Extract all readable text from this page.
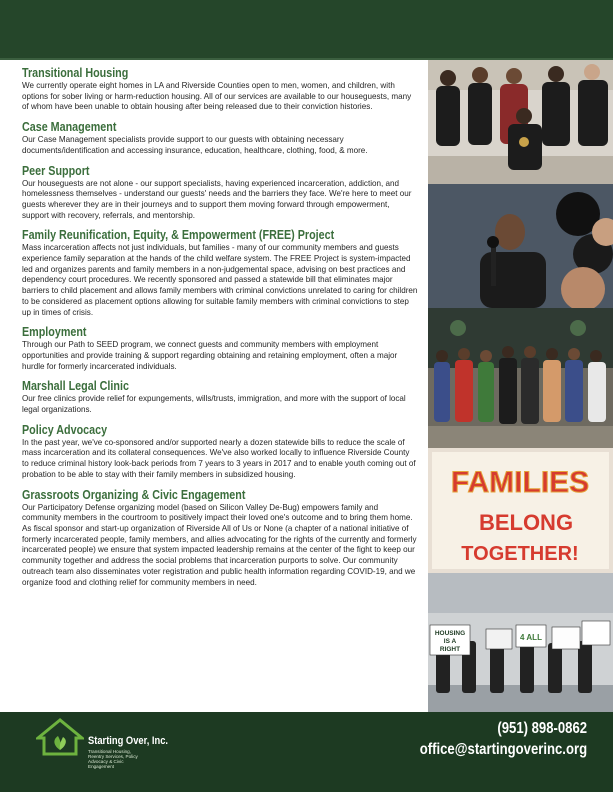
Transitional Housing

We currently operate eight homes in LA and Riverside Counties open to men, women, and children, with options for sober living or harm-reduction housing. All of our services are available to our houseguests, many of whom have been unable to obtain housing after being released due to their conviction histories.

Case Management

Our Case Management specialists provide support to our guests with obtaining necessary documents/identification and accessing insurance, education, healthcare, clothing, food, & more.

Peer Support

Our houseguests are not alone - our support specialists, having experienced incarceration, addiction, and homelessness themselves - understand our guests' needs and the barriers they face. We're here to meet our guests wherever they are in their journeys and to support them moving forward through empowerment, support with recovery, referrals, and mentorship.

Family Reunification, Equity, & Empowerment (FREE) Project

Mass incarceration affects not just individuals, but families - many of our community members and guests experience family separation at the hands of the child welfare system. The FREE Project is system-impacted led and organizes parents and family members in a non-judgemental space, advising on best practices and dependency court procedures. We recently sponsored and passed a statewide bill that eliminates major barriers to child placement and allows family members with criminal convictions unrelated to caring for children to be considered as placement options allowing for suitable family members with criminal convictions to step up in times of crisis.

Employment

Through our Path to SEED program, we connect guests and community members with employment opportunities and provide training & support regarding obtaining and retaining employment, often a major hurdle for formerly incarcerated individuals.

Marshall Legal Clinic

Our free clinics provide relief for expungements, wills/trusts, immigration, and more with the support of local legal organizations.

Policy Advocacy

In the past year, we've co-sponsored and/or supported nearly a dozen statewide bills to reduce the scale of mass incarceration and its collateral consequences. We've also worked locally to influence Riverside County to reduce criminal history look-back periods from 7 years to 3 years in 2017 and to enable youth coming out of probation to be able to stay with their family members in subsidized housing.

Grassroots Organizing & Civic Engagement

Our Participatory Defense organizing model (based on Silicon Valley De-Bug) empowers family and community members in the courtroom to positively impact their loved one's outcome and to bring them home. As fiscal sponsor and start-up organization of Riverside All of Us or None (a chapter of a national initiative of formerly incarcerated people, family members, and allies advocating for the rights of the currently and formerly incarcerated people) we ensure that system impacted leadership remains at the center of the fight to keep our community together and address the social problems that incarceration purports to solve. Our community outreach team also disseminates voter registration and public health information regarding COVID-19, and we organize food and clothing relief for community members in need.

FAMILIES
BELONG
TOGETHER!
HOUSING
IS A
RIGHT
4 ALL
Starting Over, Inc.
Transitional Housing, Reentry Services, Policy Advocacy & Civic Engagement
(951) 898-0862
office@startingoverinc.org
